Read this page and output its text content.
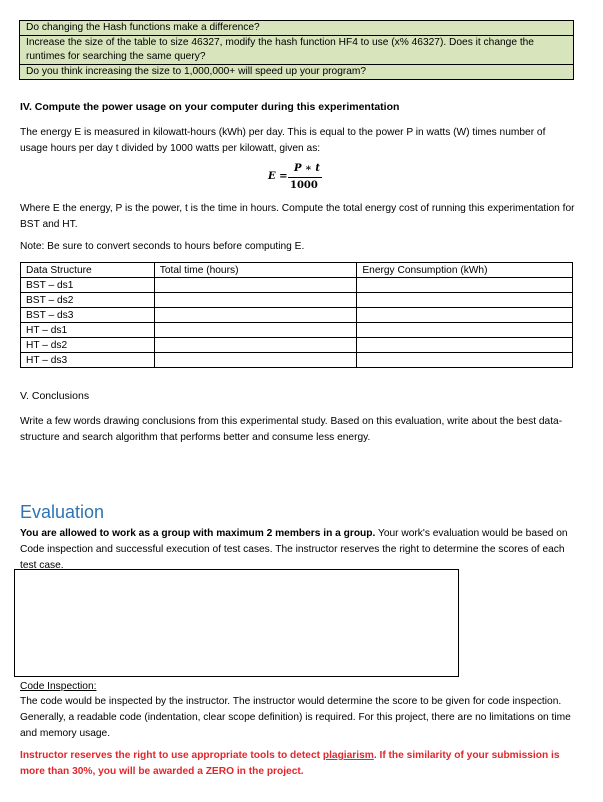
Do changing the Hash functions make a difference?
Increase the size of the table to size 46327, modify the hash function HF4 to use (x% 46327). Does it change the runtimes for searching the same query?
Do you think increasing the size to 1,000,000+ will speed up your program?
IV. Compute the power usage on your computer during this experimentation
The energy E is measured in kilowatt-hours (kWh) per day. This is equal to the power P in watts (W) times number of usage hours per day t divided by 1000 watts per kilowatt, given as:
E =
P ∗ t
1000
Where E the energy, P is the power, t is the time in hours. Compute the total energy cost of running this experimentation for BST and HT.
Note: Be sure to convert seconds to hours before computing E.
Data Structure	Total time (hours)	Energy Consumption (kWh)
BST – ds1		
BST – ds2		
BST – ds3		
HT – ds1		
HT – ds2		
HT – ds3		
V. Conclusions
Write a few words drawing conclusions from this experimental study. Based on this evaluation, write about the best data-structure and search algorithm that performs better and consume less energy.
Evaluation
You are allowed to work as a group with maximum 2 members in a group. Your work's evaluation would be based on Code inspection and successful execution of test cases. The instructor reserves the right to determine the scores of each test case.
Code Inspection:
The code would be inspected by the instructor. The instructor would determine the score to be given for code inspection. Generally, a readable code (indentation, clear scope definition) is required. For this project, there are no limitations on time and memory usage.
Instructor reserves the right to use appropriate tools to detect plagiarism. If the similarity of your submission is more than 30%, you will be awarded a ZERO in the project.
